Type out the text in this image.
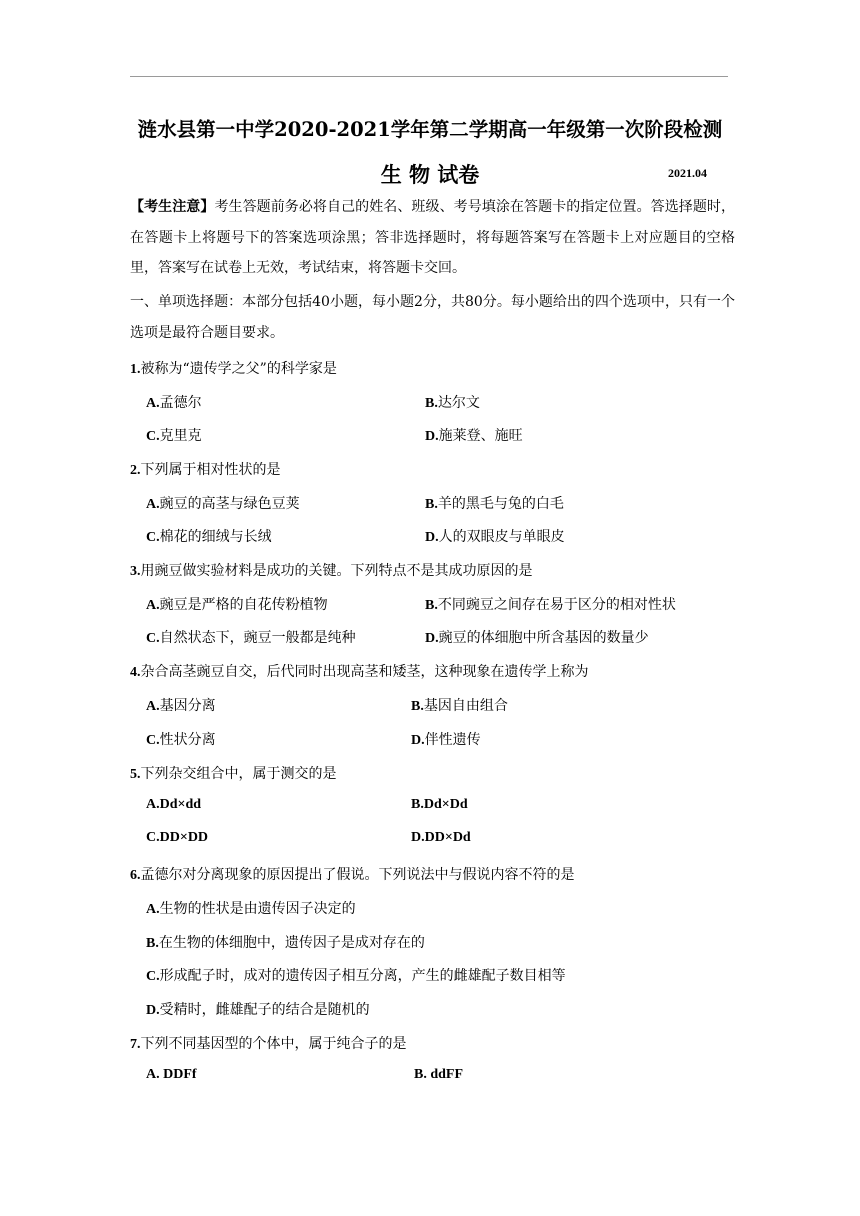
涟水县第一中学2020-2021学年第二学期高一年级第一次阶段检测
生 物 试卷	2021.04
【考生注意】考生答题前务必将自己的姓名、班级、考号填涂在答题卡的指定位置。答选择题时，在答题卡上将题号下的答案选项涂黑；答非选择题时，将每题答案写在答题卡上对应题目的空格里，答案写在试卷上无效，考试结束，将答题卡交回。
一、单项选择题：本部分包括40小题，每小题2分，共80分。每小题给出的四个选项中，只有一个选项是最符合题目要求。
1.被称为“遗传学之父”的科学家是
A.孟德尔	B.达尔文
C.克里克	D.施莱登、施旺
2.下列属于相对性状的是
A.豌豆的高茎与绿色豆荚	B.羊的黑毛与兔的白毛
C.棉花的细绒与长绒	D.人的双眼皮与单眼皮
3.用豌豆做实验材料是成功的关键。下列特点不是其成功原因的是
A.豌豆是严格的自花传粉植物	B.不同豌豆之间存在易于区分的相对性状
C.自然状态下，豌豆一般都是纯种	D.豌豆的体细胞中所含基因的数量少
4.杂合高茎豌豆自交，后代同时出现高茎和矮茎，这种现象在遗传学上称为
A.基因分离	B.基因自由组合
C.性状分离	D.伴性遗传
5.下列杂交组合中，属于测交的是
A.Dd×dd	B.Dd×Dd
C.DD×DD	D.DD×Dd
6.孟德尔对分离现象的原因提出了假说。下列说法中与假说内容不符的是
A.生物的性状是由遗传因子决定的
B.在生物的体细胞中，遗传因子是成对存在的
C.形成配子时，成对的遗传因子相互分离，产生的雌雄配子数目相等
D.受精时，雌雄配子的结合是随机的
7.下列不同基因型的个体中，属于纯合子的是
A. DDFf	B. ddFF
